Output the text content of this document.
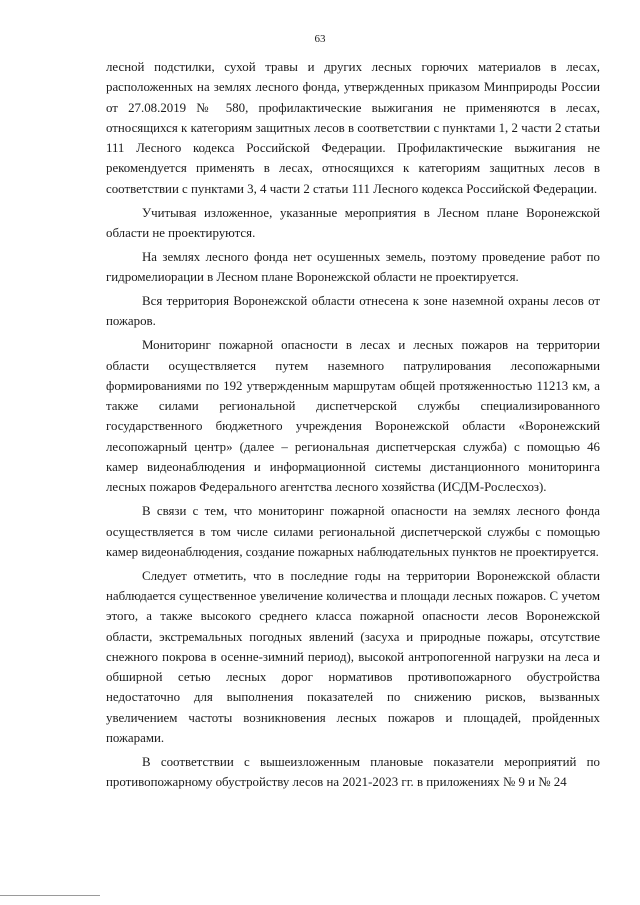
63

лесной подстилки, сухой травы и других лесных горючих материалов в лесах, расположенных на землях лесного фонда, утвержденных приказом Минприроды России от 27.08.2019 № 580, профилактические выжигания не применяются в лесах, относящихся к категориям защитных лесов в соответствии с пунктами 1, 2 части 2 статьи 111 Лесного кодекса Российской Федерации. Профилактические выжигания не рекомендуется применять в лесах, относящихся к категориям защитных лесов в соответствии с пунктами 3, 4 части 2 статьи 111 Лесного кодекса Российской Федерации.

Учитывая изложенное, указанные мероприятия в Лесном плане Воронежской области не проектируются.

На землях лесного фонда нет осушенных земель, поэтому проведение работ по гидромелиорации в Лесном плане Воронежской области не проектируется.

Вся территория Воронежской области отнесена к зоне наземной охраны лесов от пожаров.

Мониторинг пожарной опасности в лесах и лесных пожаров на территории области осуществляется путем наземного патрулирования лесопожарными формированиями по 192 утвержденным маршрутам общей протяженностью 11213 км, а также силами региональной диспетчерской службы специализированного государственного бюджетного учреждения Воронежской области «Воронежский лесопожарный центр» (далее – региональная диспетчерская служба) с помощью 46 камер видеонаблюдения и информационной системы дистанционного мониторинга лесных пожаров Федерального агентства лесного хозяйства (ИСДМ-Рослесхоз).

В связи с тем, что мониторинг пожарной опасности на землях лесного фонда осуществляется в том числе силами региональной диспетчерской службы с помощью камер видеонаблюдения, создание пожарных наблюдательных пунктов не проектируется.

Следует отметить, что в последние годы на территории Воронежской области наблюдается существенное увеличение количества и площади лесных пожаров. С учетом этого, а также высокого среднего класса пожарной опасности лесов Воронежской области, экстремальных погодных явлений (засуха и природные пожары, отсутствие снежного покрова в осенне-зимний период), высокой антропогенной нагрузки на леса и обширной сетью лесных дорог нормативов противопожарного обустройства недостаточно для выполнения показателей по снижению рисков, вызванных увеличением частоты возникновения лесных пожаров и площадей, пройденных пожарами.

В соответствии с вышеизложенным плановые показатели мероприятий по противопожарному обустройству лесов на 2021-2023 гг. в приложениях № 9 и № 24
